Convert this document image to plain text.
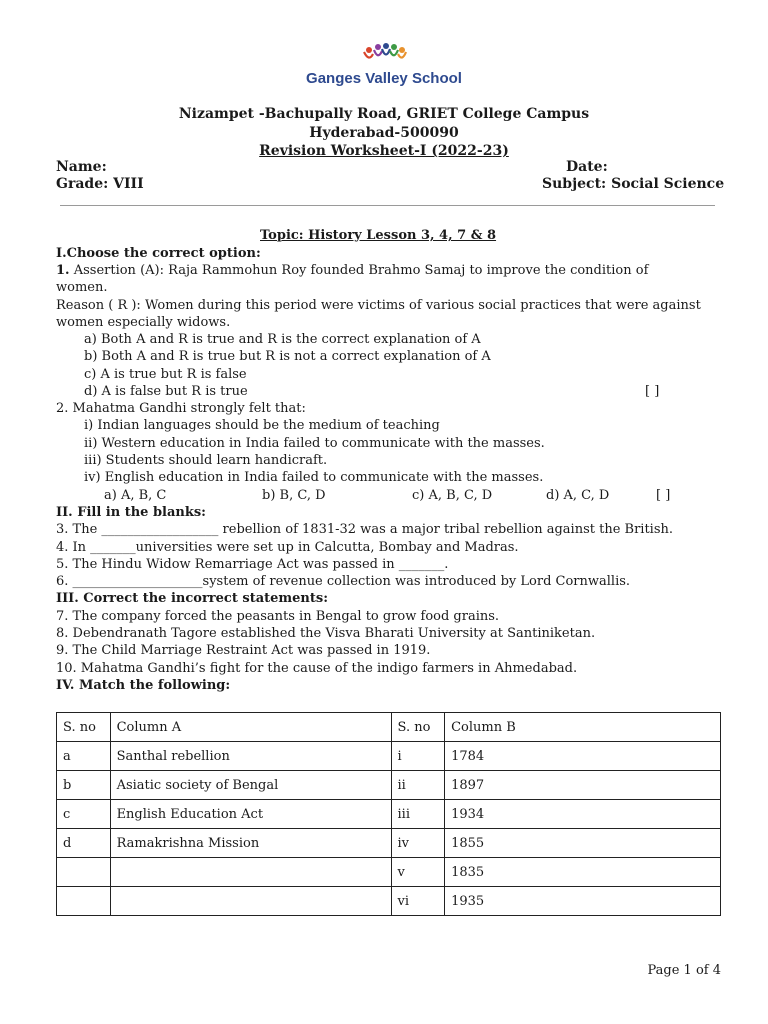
Ganges Valley School
Nizampet -Bachupally Road, GRIET College Campus
Hyderabad-500090
Revision Worksheet-I (2022-23)
Name:	Date:
Grade: VIII	Subject: Social Science
Topic: History Lesson 3, 4, 7 & 8
I.Choose the correct option:
1. Assertion (A): Raja Rammohun Roy founded Brahmo Samaj to improve the condition of
women.
Reason ( R ): Women during this period were victims of various social practices that were against
women especially widows.
a) Both A and R is true and R is the correct explanation of A
b) Both A and R is true but R is not a correct explanation of A
c) A is true but R is false
d) A is false but R is true	[ ]
2. Mahatma Gandhi strongly felt that:
i) Indian languages should be the medium of teaching
ii) Western education in India failed to communicate with the masses.
iii) Students should learn handicraft.
iv) English education in India failed to communicate with the masses.
a) A, B, C	b) B, C, D	c) A, B, C, D	d) A, C, D	[ ]
II. Fill in the blanks:
3. The __________________ rebellion of 1831-32 was a major tribal rebellion against the British.
4. In _______universities were set up in Calcutta, Bombay and Madras.
5. The Hindu Widow Remarriage Act was passed in _______.
6. ____________________system of revenue collection was introduced by Lord Cornwallis.
III. Correct the incorrect statements:
7. The company forced the peasants in Bengal to grow food grains.
8. Debendranath Tagore established the Visva Bharati University at Santiniketan.
9. The Child Marriage Restraint Act was passed in 1919.
10. Mahatma Gandhi’s fight for the cause of the indigo farmers in Ahmedabad.
IV. Match the following:
S. no	Column A	S. no	Column B
a	Santhal rebellion	i	1784
b	Asiatic society of Bengal	ii	1897
c	English Education Act	iii	1934
d	Ramakrishna Mission	iv	1855
		v	1835
		vi	1935
Page 1 of 4
